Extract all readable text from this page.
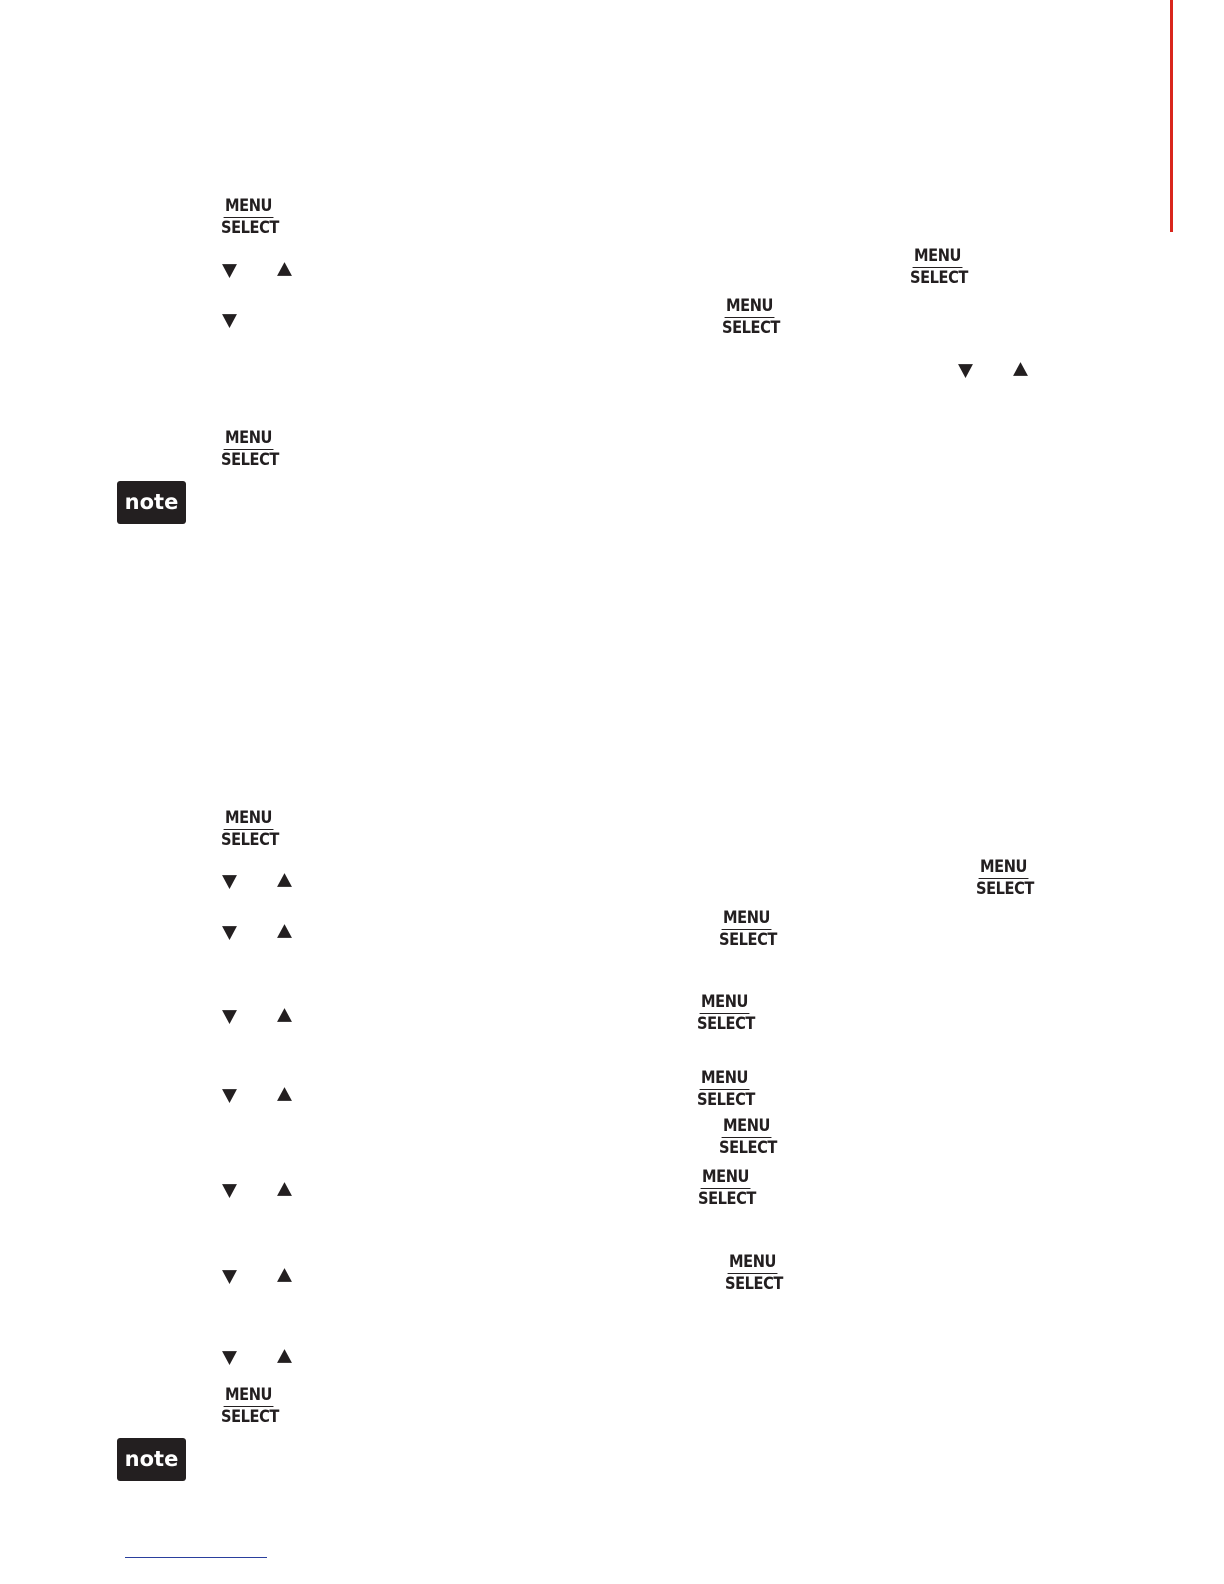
MENU
SELECT
MENU
SELECT
MENU
SELECT
MENU
SELECT
note
MENU
SELECT
MENU
SELECT
MENU
SELECT
MENU
SELECT
MENU
SELECT
MENU
SELECT
MENU
SELECT
MENU
SELECT
MENU
SELECT
note
